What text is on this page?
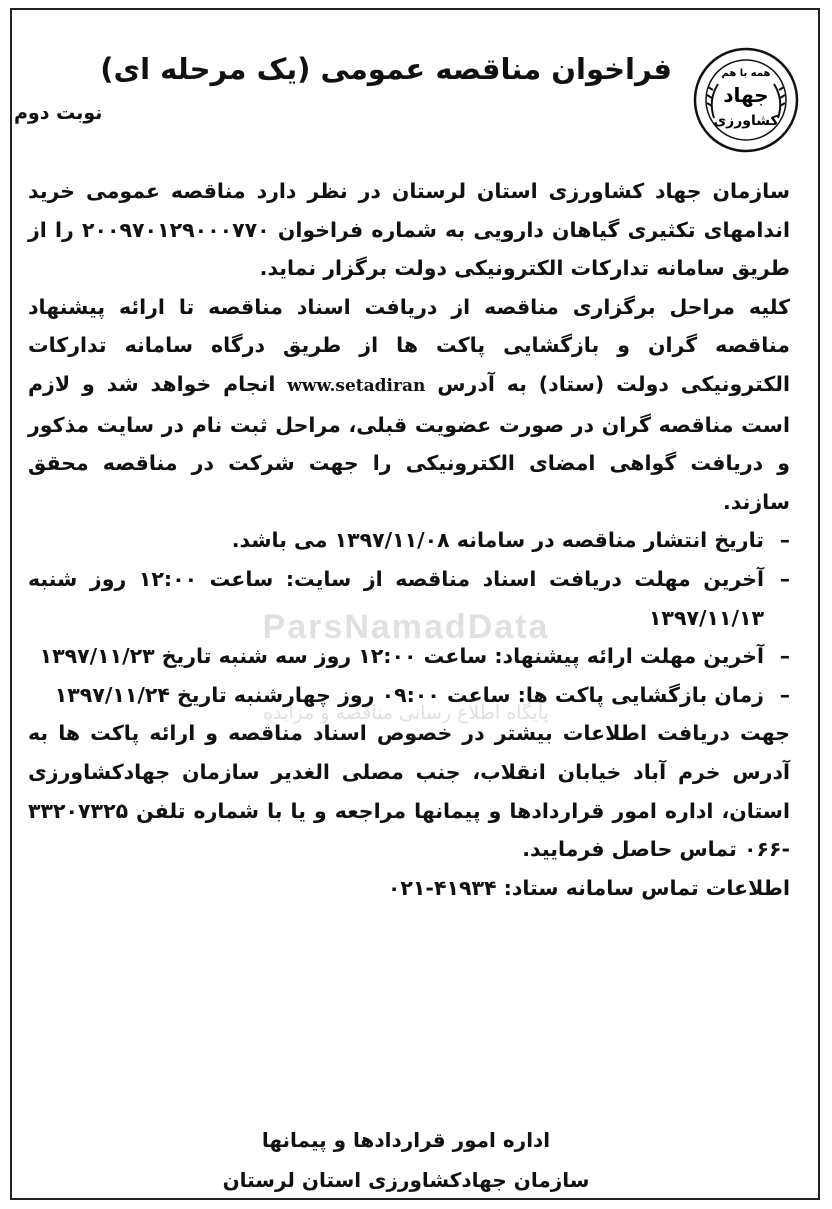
ParsNamadData
پایگاه اطلاع رسانی مناقصه و مزایده
همه با هم
جهاد
کشاورزی
فراخوان مناقصه عمومی (یک مرحله ای)
نوبت دوم

سازمان جهاد کشاورزی استان لرستان در نظر دارد مناقصه عمومی خرید اندامهای تکثیری گیاهان دارویی به شماره فراخوان ۲۰۰۹۷۰۱۲۹۰۰۰۷۷۰ را از طریق سامانه تدارکات الکترونیکی دولت برگزار نماید.

کلیه مراحل برگزاری مناقصه از دریافت اسناد مناقصه تا ارائه پیشنهاد مناقصه گران و بازگشایی پاکت ها از طریق درگاه سامانه تدارکات الکترونیکی دولت (ستاد) به آدرس www.setadiran انجام خواهد شد و لازم است مناقصه گران در صورت عضویت قبلی، مراحل ثبت نام در سایت مذکور و دریافت گواهی امضای الکترونیکی را جهت شرکت در مناقصه محقق سازند.

–تاریخ انتشار مناقصه در سامانه ۱۳۹۷/۱۱/۰۸ می باشد.

–آخرین مهلت دریافت اسناد مناقصه از سایت: ساعت ۱۲:۰۰ روز شنبه ۱۳۹۷/۱۱/۱۳

–آخرین مهلت ارائه پیشنهاد: ساعت ۱۲:۰۰ روز سه شنبه تاریخ ۱۳۹۷/۱۱/۲۳

–زمان بازگشایی پاکت ها: ساعت ۰۹:۰۰ روز چهارشنبه تاریخ ۱۳۹۷/۱۱/۲۴

جهت دریافت اطلاعات بیشتر در خصوص اسناد مناقصه و ارائه پاکت ها به آدرس خرم آباد خیابان انقلاب، جنب مصلی الغدیر سازمان جهادکشاورزی استان، اداره امور قراردادها و پیمانها مراجعه و یا با شماره تلفن ۳۳۲۰۷۳۲۵ -۰۶۶ تماس حاصل فرمایید.

اطلاعات تماس سامانه ستاد: ۴۱۹۳۴-۰۲۱

اداره امور قراردادها و پیمانها
سازمان جهادکشاورزی استان لرستان
